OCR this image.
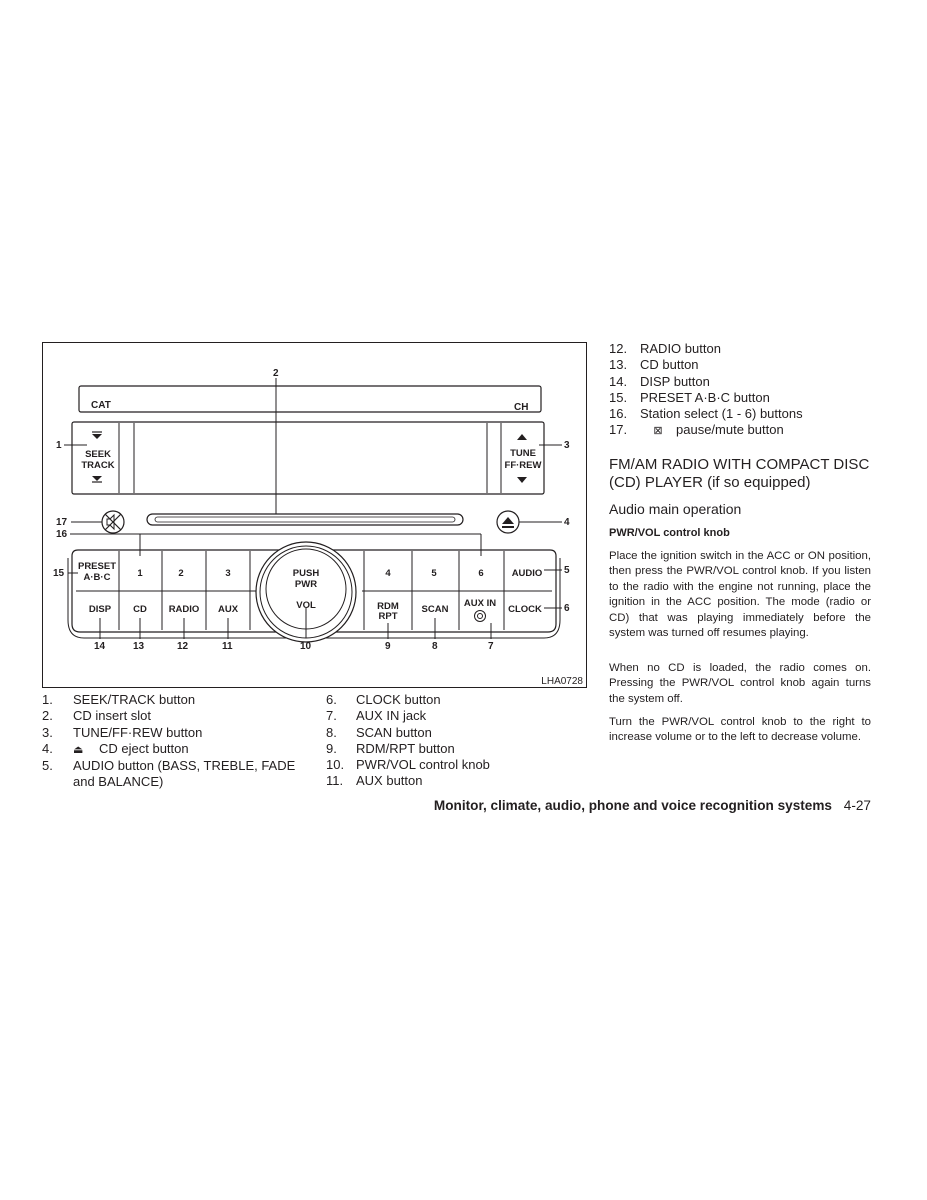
CAT	CH
SEEK
TRACK
TUNE
FF·REW
PRESET
A·B·C	1	2	3	4	5	6	AUDIO
DISP CD RADIO AUX	RDM
RPT
SCAN
AUX IN
CLOCK
PUSH
PWR
VOL
1
2
3
4
5
6
7
8
9
10
11
12
13
14
15
16
17
LHA0728
1. SEEK/TRACK button
2. CD insert slot
3. TUNE/FF·REW button
4. ⏏ CD eject button
5. AUDIO button (BASS, TREBLE, FADE and BALANCE)
6. CLOCK button
7. AUX IN jack
8. SCAN button
9. RDM/RPT button
10. PWR/VOL control knob
11. AUX button
12. RADIO button
13. CD button
14. DISP button
15. PRESET A·B·C button
16. Station select (1 - 6) buttons
17. ⊠ pause/mute button
FM/AM RADIO WITH COMPACT DISC (CD) PLAYER (if so equipped)
Audio main operation
PWR/VOL control knob

Place the ignition switch in the ACC or ON position, then press the PWR/VOL control knob. If you listen to the radio with the engine not running, place the ignition in the ACC position. The mode (radio or CD) that was playing immediately before the system was turned off resumes playing.

When no CD is loaded, the radio comes on. Pressing the PWR/VOL control knob again turns the system off.

Turn the PWR/VOL control knob to the right to increase volume or to the left to decrease volume.

Monitor, climate, audio, phone and voice recognition systems 4-27
